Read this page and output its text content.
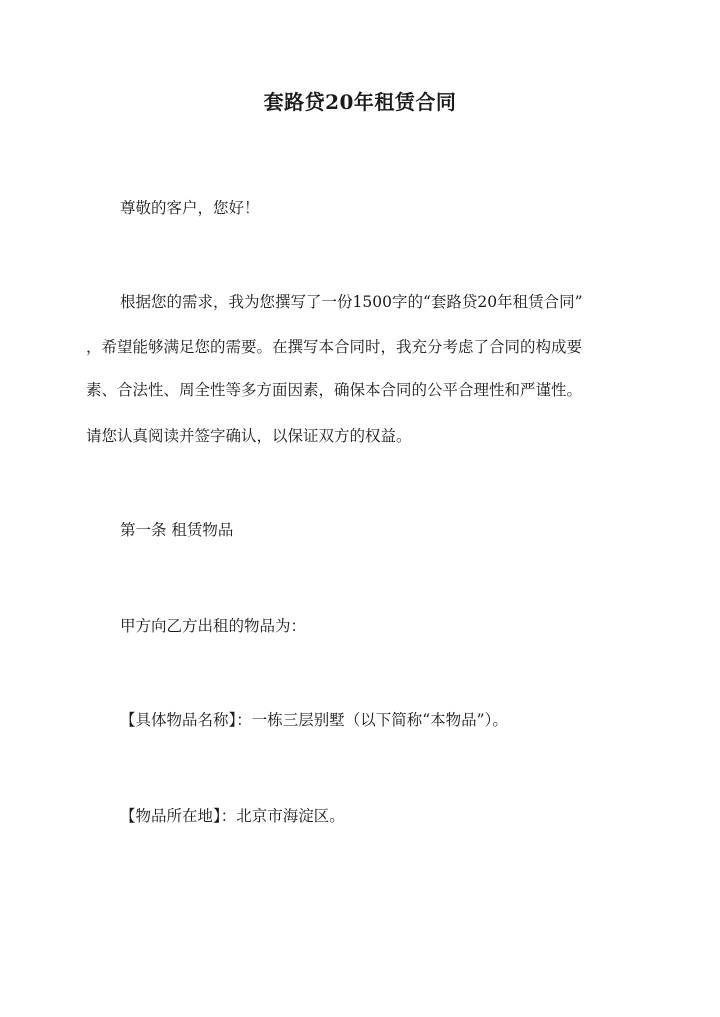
套路贷20年租赁合同

尊敬的客户，您好！

根据您的需求，我为您撰写了一份1500字的“套路贷20年租赁合同”

，希望能够满足您的需要。在撰写本合同时，我充分考虑了合同的构成要

素、合法性、周全性等多方面因素，确保本合同的公平合理性和严谨性。

请您认真阅读并签字确认，以保证双方的权益。

第一条 租赁物品

甲方向乙方出租的物品为：

【具体物品名称】：一栋三层别墅（以下简称“本物品”）。

【物品所在地】：北京市海淀区。
